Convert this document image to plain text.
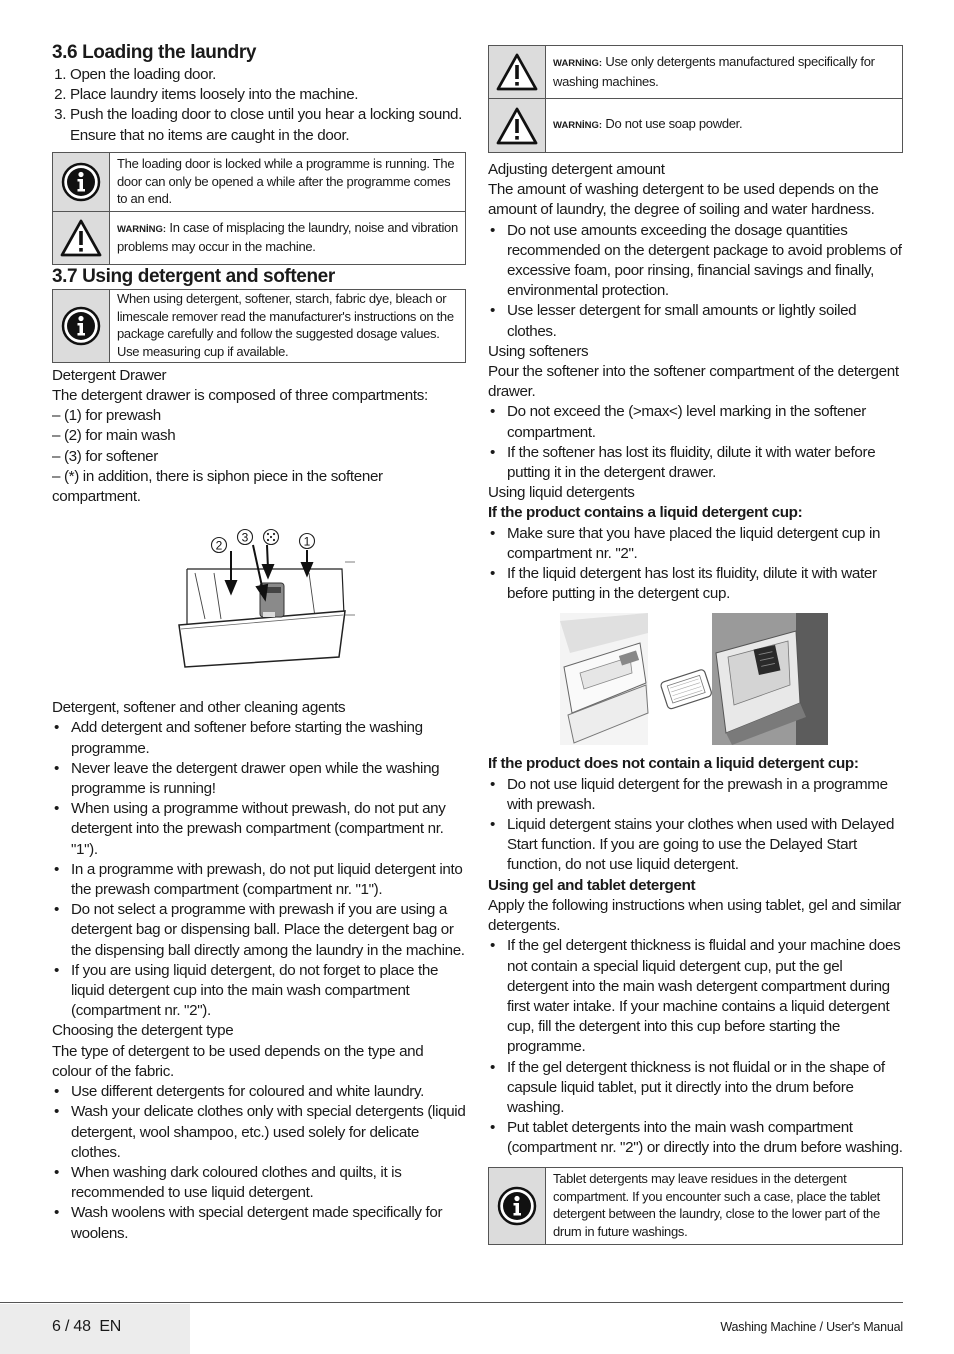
3.6 Loading the laundry
1. Open the loading door.
2. Place laundry items loosely into the machine.
3. Push the loading door to close until you hear a locking sound. Ensure that no items are caught in the door.
The loading door is locked while a programme is running. The door can only be opened a while after the programme comes to an end.
WARNİNG: In case of misplacing the laundry, noise and vibration problems may occur in the machine.
3.7 Using detergent and softener
When using detergent, softener, starch, fabric dye, bleach or limescale remover read the manufacturer's instructions on the package carefully and follow the suggested dosage values. Use measuring cup if available.
Detergent Drawer

The detergent drawer is composed of three compartments:

– (1) for prewash

– (2) for main wash

– (3) for softener

– (*) in addition, there is siphon piece in the softener compartment.

2
3	1
Detergent, softener and other cleaning agents
• Add detergent and softener before starting the washing programme.
• Never leave the detergent drawer open while the washing programme is running!
• When using a programme without prewash, do not put any detergent into the prewash compartment (compartment nr. "1").
• In a programme with prewash, do not put liquid detergent into the prewash compartment (compartment nr. "1").
• Do not select a programme with prewash if you are using a detergent bag or dispensing ball. Place the detergent bag or the dispensing ball directly among the laundry in the machine.
• If you are using liquid detergent, do not forget to place the liquid detergent cup into the main wash compartment (compartment nr. "2").
Choosing the detergent type

The type of detergent to be used depends on the type and colour of the fabric.

• Use different detergents for coloured and white laundry.
• Wash your delicate clothes only with special detergents (liquid detergent, wool shampoo, etc.) used solely for delicate clothes.
• When washing dark coloured clothes and quilts, it is recommended to use liquid detergent.
• Wash woolens with special detergent made specifically for woolens.
WARNİNG: Use only detergents manufactured specifically for washing machines.
WARNİNG: Do not use soap powder.
Adjusting detergent amount

The amount of washing detergent to be used depends on the amount of laundry, the degree of soiling and water hardness.

• Do not use amounts exceeding the dosage quantities recommended on the detergent package to avoid problems of excessive foam, poor rinsing, financial savings and finally, environmental protection.
• Use lesser detergent for small amounts or lightly soiled clothes.
Using softeners

Pour the softener into the softener compartment of the detergent drawer.

• Do not exceed the (>max<) level marking in the softener compartment.
• If the softener has lost its fluidity, dilute it with water before putting it in the detergent drawer.
Using liquid detergents
If the product contains a liquid detergent cup:
• Make sure that you have placed the liquid detergent cup in compartment nr. "2".
• If the liquid detergent has lost its fluidity, dilute it with water before putting in the detergent cup.
If the product does not contain a liquid detergent cup:
• Do not use liquid detergent for the prewash in a programme with prewash.
• Liquid detergent stains your clothes when used with Delayed Start function. If you are going to use the Delayed Start function, do not use liquid detergent.
Using gel and tablet detergent

Apply the following instructions when using tablet, gel and similar detergents.

• If the gel detergent thickness is fluidal and your machine does not contain a special liquid detergent cup, put the gel detergent into the main wash detergent compartment during first water intake. If your machine contains a liquid detergent cup, fill the detergent into this cup before starting the programme.
• If the gel detergent thickness is not fluidal or in the shape of capsule liquid tablet, put it directly into the drum before washing.
• Put tablet detergents into the main wash compartment (compartment nr. "2") or directly into the drum before washing.
Tablet detergents may leave residues in the detergent compartment. If you encounter such a case, place the tablet detergent between the laundry, close to the lower part of the drum in future washings.
6 / 48  EN	Washing Machine / User's Manual
